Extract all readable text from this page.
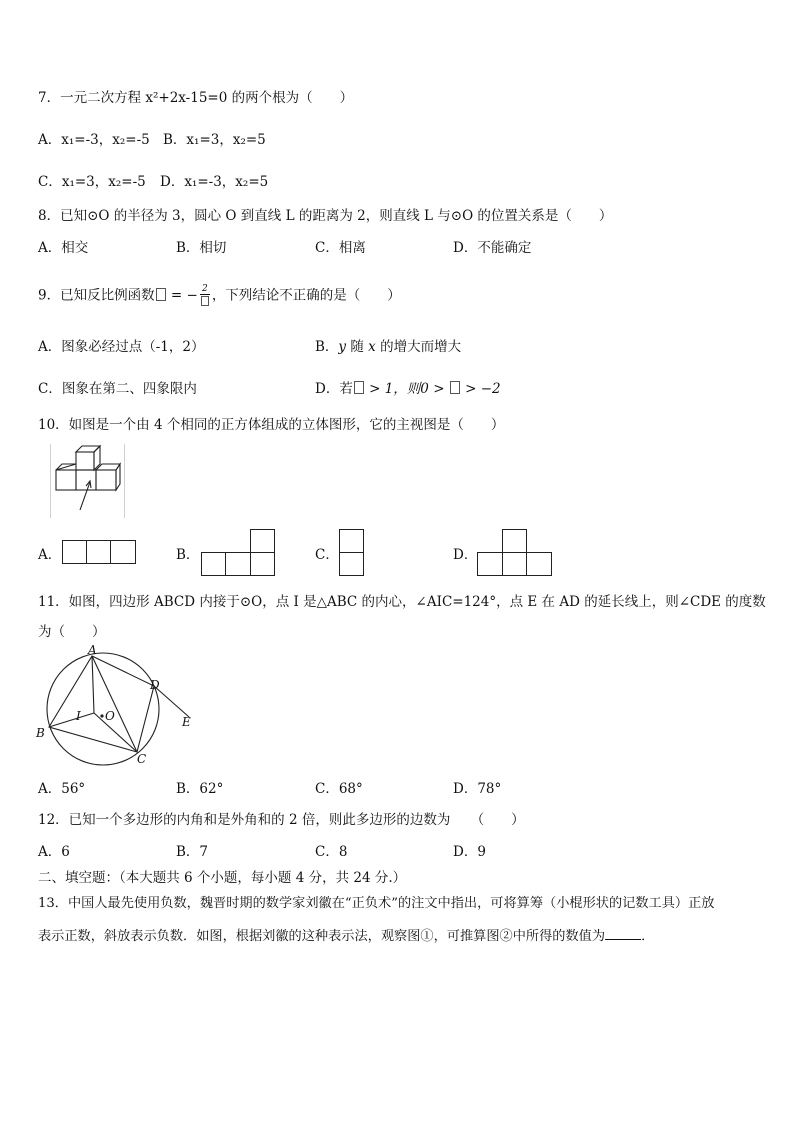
7．一元二次方程 x²+2x-15=0 的两个根为（　　）
A．x₁=-3，x₂=-5 B．x₁=3，x₂=5
C．x₁=3，x₂=-5 D．x₁=-3，x₂=5
8．已知⊙O 的半径为 3，圆心 O 到直线 L 的距离为 2，则直线 L 与⊙O 的位置关系是（　　）
A．相交	B．相切	C．相离	D．不能确定
9．已知反比例函数 = − 2 ，下列结论不正确的是（　　）
A．图象必经过点（-1，2）	B．y 随 x 的增大而增大
C．图象在第二、四象限内	D．若 > 1，则0 >  > −2
10．如图是一个由 4 个相同的正方体组成的立体图形，它的主视图是（　　）
A．	B．	C．	D．
11．如图，四边形 ABCD 内接于⊙O，点 I 是△ABC 的内心，∠AIC=124°，点 E 在 AD 的延长线上，则∠CDE 的度数
为（　　）
A
D
B
C
E
I O
A．56°	B．62°	C．68°	D．78°
12．已知一个多边形的内角和是外角和的 2 倍，则此多边形的边数为　　（　　）
A．6	B．7	C．8	D．9
二、填空题：（本大题共 6 个小题，每小题 4 分，共 24 分.）
13．中国人最先使用负数，魏晋时期的数学家刘徽在“正负术”的注文中指出，可将算筹（小棍形状的记数工具）正放
表示正数，斜放表示负数．如图，根据刘徽的这种表示法，观察图①，可推算图②中所得的数值为	．
